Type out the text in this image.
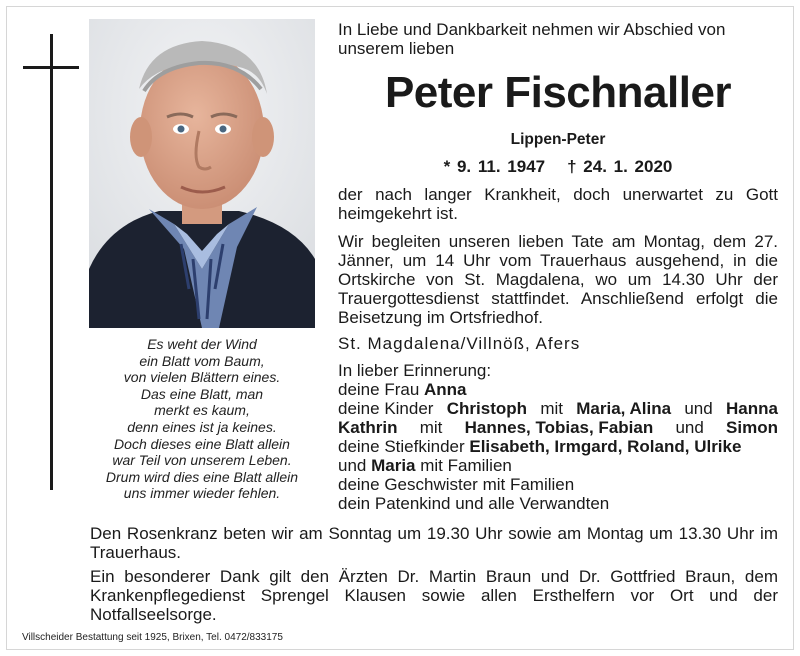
Es weht der Wind
ein Blatt vom Baum,
von vielen Blättern eines.
Das eine Blatt, man
merkt es kaum,
denn eines ist ja keines.
Doch dieses eine Blatt allein
war Teil von unserem Leben.
Drum wird dies eine Blatt allein
uns immer wieder fehlen.
In Liebe und Dankbarkeit nehmen wir Abschied von unserem lieben
Peter Fischnaller
Lippen-Peter
* 9. 11. 1947 † 24. 1. 2020
der nach langer Krankheit, doch unerwartet zu Gott heimgekehrt ist.
Wir begleiten unseren lieben Tate am Montag, dem 27. Jänner, um 14 Uhr vom Trauerhaus ausgehend, in die Ortskirche von St. Magdalena, wo um 14.30 Uhr der Trauergottesdienst stattfindet. Anschließend erfolgt die Beisetzung im Ortsfriedhof.
St. Magdalena/Villnöß, Afers
In lieber Erinnerung:
deine Frau Anna
deine Kinder Christoph mit Maria, Alina und Hanna
Kathrin mit Hannes, Tobias, Fabian und Simon
deine Stiefkinder Elisabeth, Irmgard, Roland, Ulrike
und Maria mit Familien
deine Geschwister mit Familien
dein Patenkind und alle Verwandten
Den Rosenkranz beten wir am Sonntag um 19.30 Uhr sowie am Montag um 13.30 Uhr im Trauerhaus.
Ein besonderer Dank gilt den Ärzten Dr. Martin Braun und Dr. Gottfried Braun, dem Krankenpflegedienst Sprengel Klausen sowie allen Ersthelfern vor Ort und der Notfallseelsorge.
Villscheider Bestattung seit 1925, Brixen, Tel. 0472/833175
